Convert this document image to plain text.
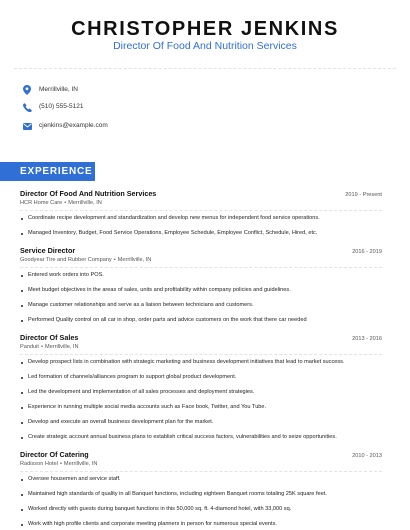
CHRISTOPHER JENKINS
Director Of Food And Nutrition Services
Merrillville, IN
(510) 555-5121
cjenkins@example.com
EXPERIENCE
Director Of Food And Nutrition Services	2019 - Present
HCR Home Care • Merrillville, IN
Coordinate recipe development and standardization and develop new menus for independent food service operations.
Managed Inventory, Budget, Food Service Operations, Employee Schedule, Employee Conflict, Schedule, Hired, etc.
Service Director	2016 - 2019
Goodyear Tire and Rubber Company • Merrillville, IN
Entered work orders into POS.
Meet budget objectives in the areas of sales, units and profitability within company policies and guidelines.
Manage customer relationships and serve as a liaison between technicians and customers.
Performed Quality control on all car in shop, order parts and advice customers on the work that there car needed
Director Of Sales	2013 - 2016
Panduit • Merrillville, IN
Develop prospect lists in combination with strategic marketing and business development initiatives that lead to market success.
Led formation of channels/alliances program to support global product development.
Led the development and implementation of all sales processes and deployment strategies.
Experience in running multiple social media accounts such as Face book, Twitter, and You Tube.
Develop and execute an overall business development plan for the market.
Create strategic account annual business plans to establish critical success factors, vulnerabilities and to seize opportunities.
Director Of Catering	2010 - 2013
Radisson Hotel • Merrillville, IN
Oversee housemen and service staff.
Maintained high standards of quality in all Banquet functions, including eighteen Banquet rooms totaling 25K square feet.
Worked directly with guests during banquet functions in this 50,000 sq. ft. 4-diamond hotel, with 33,000 sq.
Work with high profile clients and corporate meeting planners in person for numerous special events.
